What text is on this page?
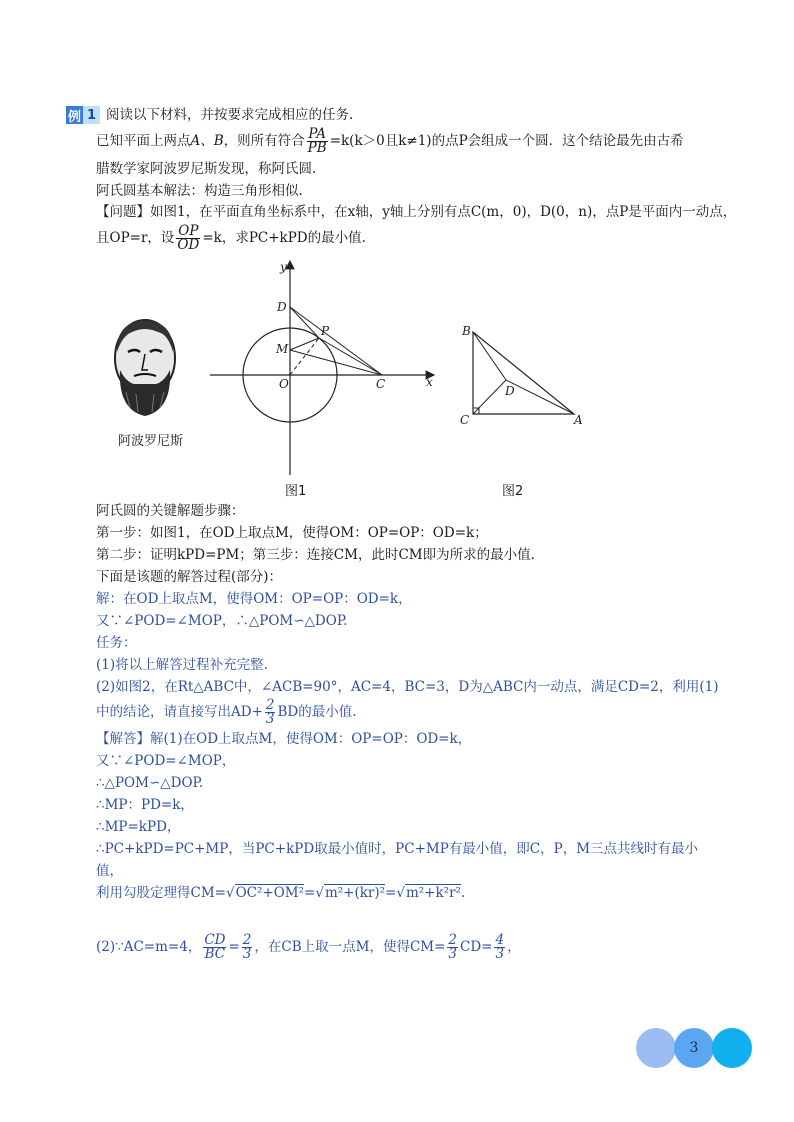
例 1 阅读以下材料，并按要求完成相应的任务.
已知平面上两点A、B，则所有符合 $\frac{PA}{PB} =k(k>0$且k≠1)的点P会组成一个圆．这个结论最先由古希
腊数学家阿波罗尼斯发现，称阿氏圆.
阿氏圆基本解法：构造三角形相似.
【问题】如图1，在平面直角坐标系中，在x轴，y轴上分别有点C(m，0)，D(0，n)，点P是平面内一动点，
且OP=r，设 $\frac{OP}{OD} =k$，求PC+kPD的最小值.
阿波罗尼斯
y
x
D
P
M
O	C
图1
B
D
C	A
图2
阿氏圆的关键解题步骤：
第一步：如图1，在OD上取点M，使得OM：OP=OP：OD=k；
第二步：证明kPD=PM；第三步：连接CM，此时CM即为所求的最小值.
下面是该题的解答过程(部分)：
解：在OD上取点M，使得OM：OP=OP：OD=k，
又∵∠POD=∠MOP，∴△POM∽△DOP.
任务：
(1)将以上解答过程补充完整.
(2)如图2，在Rt△ABC中，∠ACB=90°，AC=4，BC=3，D为△ABC内一动点，满足CD=2，利用(1)
中的结论，请直接写出$AD+ \frac{2}{3}$ BD的最小值.
【解答】解(1)在OD上取点M，使得OM：OP=OP：OD=k，
又∵∠POD=∠MOP，
∴△POM∽△DOP.
∴MP：PD=k，
∴MP=kPD，
∴PC+kPD=PC+MP，当PC+kPD取最小值时，PC+MP有最小值，即C，P，M三点共线时有最小
值，
利用勾股定理得CM=√OC²+OM²=√m²+(kr)²=√m²+k²r².
(2)∵AC=m=4， $\frac{CD}{BC} = \frac{2}{3}$ ，在CB上取一点M，使得$CM= \frac{2}{3} CD= \frac{4}{3}$ ，
3
